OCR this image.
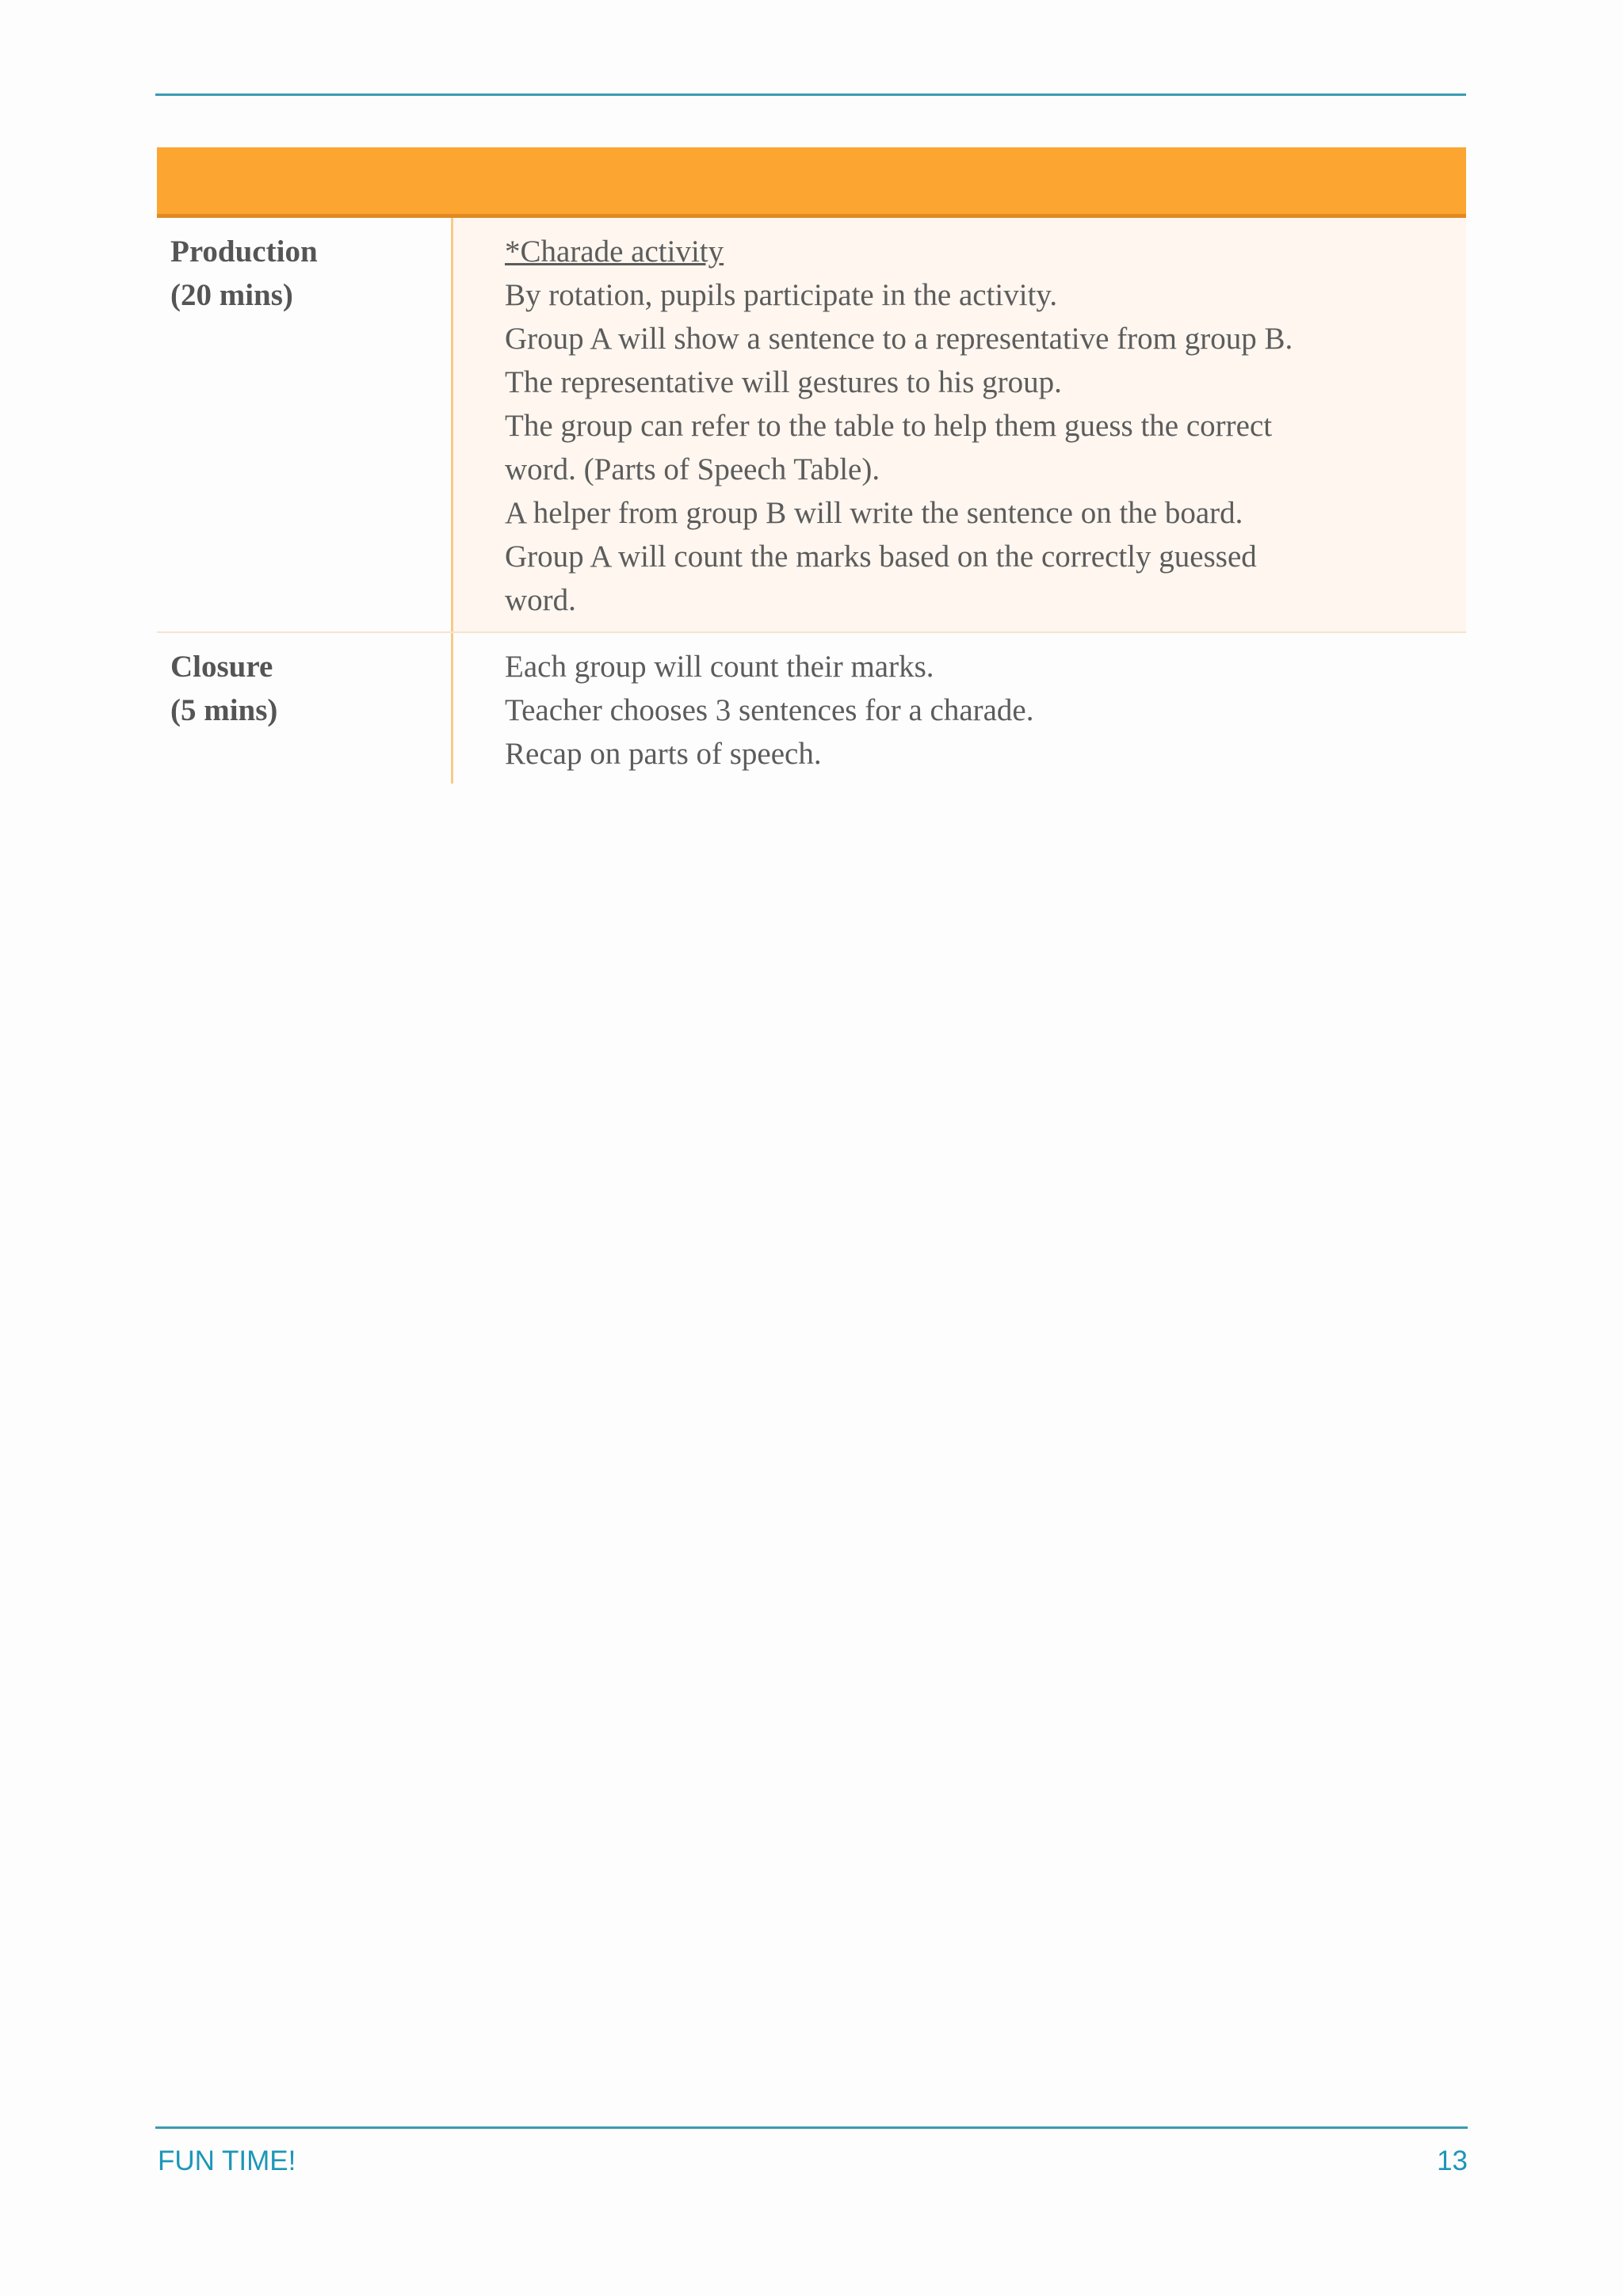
Production
(20 mins)
*Charade activity
By rotation, pupils participate in the activity.
Group A will show a sentence to a representative from group B.
The representative will gestures to his group.
The group can refer to the table to help them guess the correct
word. (Parts of Speech Table).
A helper from group B will write the sentence on the board.
Group A will count the marks based on the correctly guessed
word.
Closure
(5 mins)
Each group will count their marks.
Teacher chooses 3 sentences for a charade.
Recap on parts of speech.
FUN TIME!	13
